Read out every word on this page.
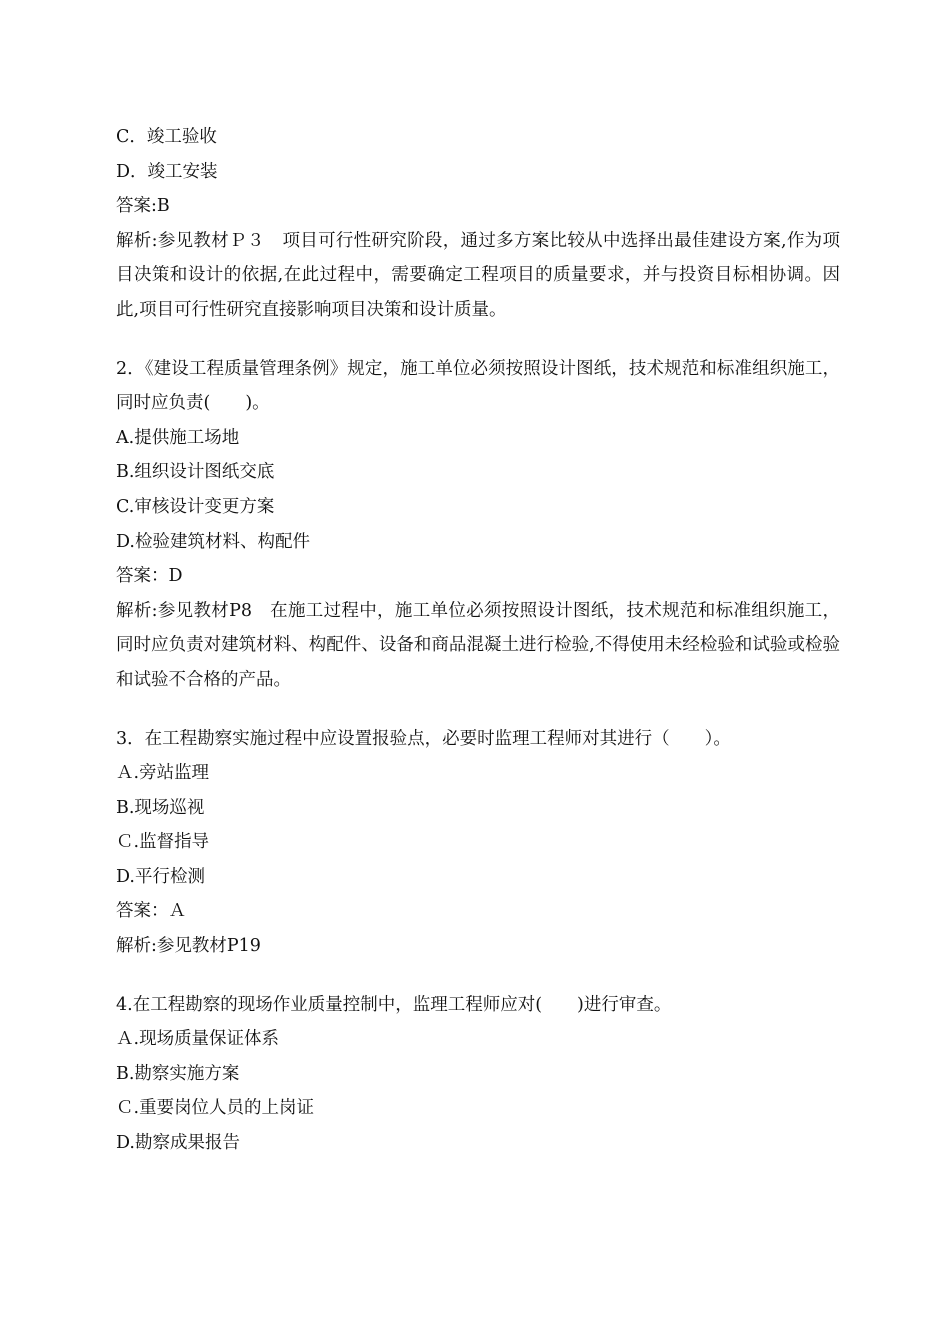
C．竣工验收

D．竣工安装

答案:B

解析:参见教材Ｐ３　项目可行性研究阶段，通过多方案比较从中选择出最佳建设方案,作为项目决策和设计的依据,在此过程中，需要确定工程项目的质量要求，并与投资目标相协调。因此,项目可行性研究直接影响项目决策和设计质量。

2．《建设工程质量管理条例》规定，施工单位必须按照设计图纸，技术规范和标准组织施工，同时应负责(　　)。

A.提供施工场地

B.组织设计图纸交底

C.审核设计变更方案

D.检验建筑材料、构配件

答案：D

解析:参见教材P8　在施工过程中，施工单位必须按照设计图纸，技术规范和标准组织施工，同时应负责对建筑材料、构配件、设备和商品混凝土进行检验,不得使用未经检验和试验或检验和试验不合格的产品。

3．在工程勘察实施过程中应设置报验点，必要时监理工程师对其进行（　　）。

Ａ.旁站监理

B.现场巡视

Ｃ.监督指导

D.平行检测

答案：Ａ

解析:参见教材P19

4.在工程勘察的现场作业质量控制中，监理工程师应对(　　)进行审查。

Ａ.现场质量保证体系

B.勘察实施方案

Ｃ.重要岗位人员的上岗证

D.勘察成果报告
